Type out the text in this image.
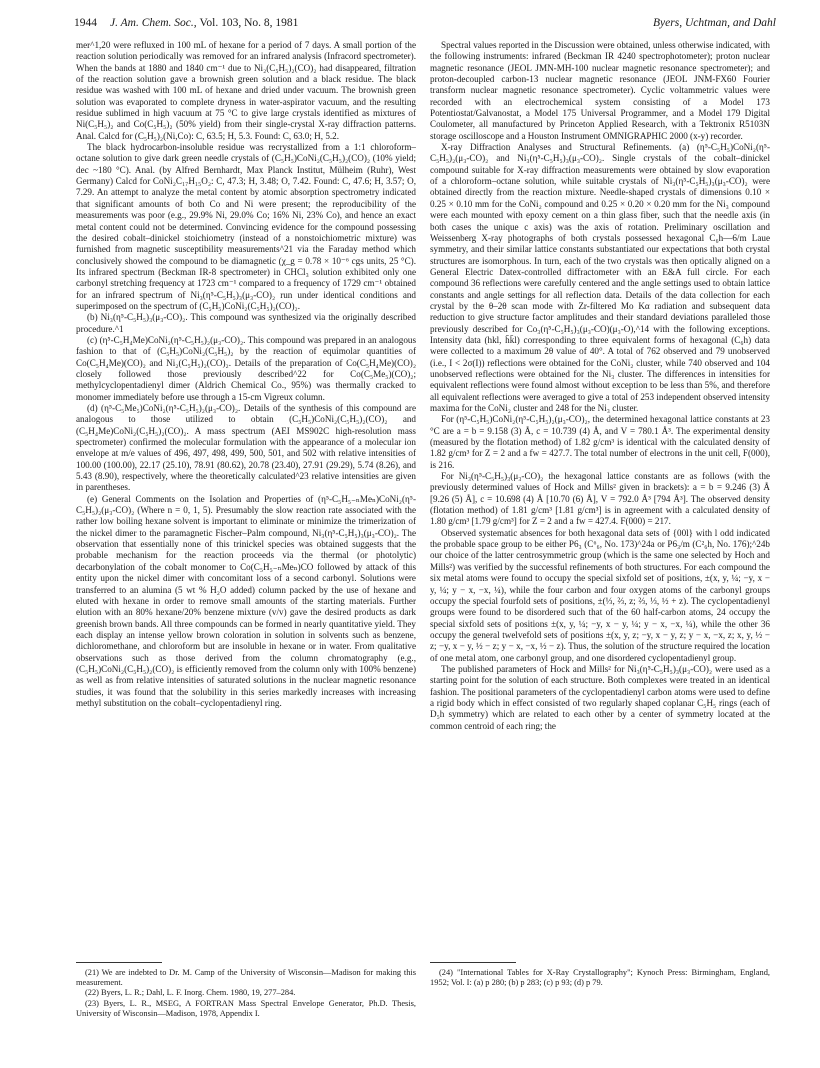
1944 J. Am. Chem. Soc., Vol. 103, No. 8, 1981	Byers, Uchtman, and Dahl

mer^1,20 were refluxed in 100 mL of hexane for a period of 7 days. A small portion of the reaction solution periodically was removed for an infrared analysis (Infracord spectrometer). When the bands at 1880 and 1840 cm⁻¹ due to Ni₂(C₅H₅)₂(CO)₂ had disappeared, filtration of the reaction solution gave a brownish green solution and a black residue. The black residue was washed with 100 mL of hexane and dried under vacuum. The brownish green solution was evaporated to complete dryness in water-aspirator vacuum, and the resulting residue sublimed in high vacuum at 75 °C to give large crystals identified as mixtures of Ni(C₅H₅)₂ and Co(C₅H₅)₂ (50% yield) from their single-crystal X-ray diffraction patterns. Anal. Calcd for (C₅H₅)₂(Ni,Co): C, 63.5; H, 5.3. Found: C, 63.0; H, 5.2.

The black hydrocarbon-insoluble residue was recrystallized from a 1:1 chloroform–octane solution to give dark green needle crystals of (C₅H₅)CoNi₂(C₅H₅)₂(CO)₂ (10% yield; dec ~180 °C). Anal. (by Alfred Bernhardt, Max Planck Institut, Mülheim (Ruhr), West Germany) Calcd for CoNi₂C₁₇H₁₅O₂: C, 47.3; H, 3.48; O, 7.42. Found: C, 47.6; H, 3.57; O, 7.29. An attempt to analyze the metal content by atomic absorption spectrometry indicated that significant amounts of both Co and Ni were present; the reproducibility of the measurements was poor (e.g., 29.9% Ni, 29.0% Co; 16% Ni, 23% Co), and hence an exact metal content could not be determined. Convincing evidence for the compound possessing the desired cobalt–dinickel stoichiometry (instead of a nonstoichiometric mixture) was furnished from magnetic susceptibility measurements^21 via the Faraday method which conclusively showed the compound to be diamagnetic (χ_g = 0.78 × 10⁻⁶ cgs units, 25 °C). Its infrared spectrum (Beckman IR-8 spectrometer) in CHCl₃ solution exhibited only one carbonyl stretching frequency at 1723 cm⁻¹ compared to a frequency of 1729 cm⁻¹ obtained for an infrared spectrum of Ni₃(η⁵-C₅H₅)₃(μ₃-CO)₂ run under identical conditions and superimposed on the spectrum of (C₅H₅)CoNi₂(C₅H₅)₂(CO)₂.

(b) Ni₃(η⁵-C₅H₅)₃(μ₃-CO)₂. This compound was synthesized via the originally described procedure.^1

(c) (η⁵-C₅H₄Me)CoNi₂(η⁵-C₅H₅)₂(μ₃-CO)₂. This compound was prepared in an analogous fashion to that of (C₅H₅)CoNi₂(C₅H₅)₂ by the reaction of equimolar quantities of Co(C₅H₄Me)(CO)₂ and Ni₂(C₅H₅)₂(CO)₂. Details of the preparation of Co(C₅H₄Me)(CO)₂ closely followed those previously described^22 for Co(C₅Me₅)(CO)₂; methylcyclopentadienyl dimer (Aldrich Chemical Co., 95%) was thermally cracked to monomer immediately before use through a 15-cm Vigreux column.

(d) (η⁵-C₅Me₅)CoNi₂(η⁵-C₅H₅)₂(μ₃-CO)₂. Details of the synthesis of this compound are analogous to those utilized to obtain (C₅H₅)CoNi₂(C₅H₅)₂(CO)₂ and (C₅H₄Me)CoNi₂(C₅H₅)₂(CO)₂. A mass spectrum (AEI MS902C high-resolution mass spectrometer) confirmed the molecular formulation with the appearance of a molecular ion envelope at m/e values of 496, 497, 498, 499, 500, 501, and 502 with relative intensities of 100.00 (100.00), 22.17 (25.10), 78.91 (80.62), 20.78 (23.40), 27.91 (29.29), 5.74 (8.26), and 5.43 (8.90), respectively, where the theoretically calculated^23 relative intensities are given in parentheses.

(e) General Comments on the Isolation and Properties of (η⁵-C₅H₅₋ₙMeₙ)CoNi₂(η⁵-C₅H₅)₂(μ₃-CO)₂ (Where n = 0, 1, 5). Presumably the slow reaction rate associated with the rather low boiling hexane solvent is important to eliminate or minimize the trimerization of the nickel dimer to the paramagnetic Fischer–Palm compound, Ni₃(η⁵-C₅H₅)₃(μ₃-CO)₂. The observation that essentially none of this trinickel species was obtained suggests that the probable mechanism for the reaction proceeds via the thermal (or photolytic) decarbonylation of the cobalt monomer to Co(C₅H₅₋ₙMeₙ)CO followed by attack of this entity upon the nickel dimer with concomitant loss of a second carbonyl. Solutions were transferred to an alumina (5 wt % H₂O added) column packed by the use of hexane and eluted with hexane in order to remove small amounts of the starting materials. Further elution with an 80% hexane/20% benzene mixture (v/v) gave the desired products as dark greenish brown bands. All three compounds can be formed in nearly quantitative yield. They each display an intense yellow brown coloration in solution in solvents such as benzene, dichloromethane, and chloroform but are insoluble in hexane or in water. From qualitative observations such as those derived from the column chromatography (e.g., (C₅H₅)CoNi₂(C₅H₅)₂(CO)₂ is efficiently removed from the column only with 100% benzene) as well as from relative intensities of saturated solutions in the nuclear magnetic resonance studies, it was found that the solubility in this series markedly increases with increasing methyl substitution on the cobalt–cyclopentadienyl ring.

Spectral values reported in the Discussion were obtained, unless otherwise indicated, with the following instruments: infrared (Beckman IR 4240 spectrophotometer); proton nuclear magnetic resonance (JEOL JMN-MH-100 nuclear magnetic resonance spectrometer); and proton-decoupled carbon-13 nuclear magnetic resonance (JEOL JNM-FX60 Fourier transform nuclear magnetic resonance spectrometer). Cyclic voltammetric values were recorded with an electrochemical system consisting of a Model 173 Potentiostat/Galvanostat, a Model 175 Universal Programmer, and a Model 179 Digital Coulometer, all manufactured by Princeton Applied Research, with a Tektronix R5103N storage oscilloscope and a Houston Instrument OMNIGRAPHIC 2000 (x-y) recorder.

X-ray Diffraction Analyses and Structural Refinements. (a) (η⁵-C₅H₅)CoNi₂(η⁵-C₅H₅)₂(μ₃-CO)₂ and Ni₃(η⁵-C₅H₅)₃(μ₃-CO)₂. Single crystals of the cobalt–dinickel compound suitable for X-ray diffraction measurements were obtained by slow evaporation of a chloroform–octane solution, while suitable crystals of Ni₃(η⁵-C₅H₅)₃(μ₃-CO)₂ were obtained directly from the reaction mixture. Needle-shaped crystals of dimensions 0.10 × 0.25 × 0.10 mm for the CoNi₂ compound and 0.25 × 0.20 × 0.20 mm for the Ni₃ compound were each mounted with epoxy cement on a thin glass fiber, such that the needle axis (in both cases the unique c axis) was the axis of rotation. Preliminary oscillation and Weissenberg X-ray photographs of both crystals possessed hexagonal C₆h—6/m Laue symmetry, and their similar lattice constants substantiated our expectations that both crystal structures are isomorphous. In turn, each of the two crystals was then optically aligned on a General Electric Datex-controlled diffractometer with an E&A full circle. For each compound 36 reflections were carefully centered and the angle settings used to obtain lattice constants and angle settings for all reflection data. Details of the data collection for each crystal by the θ–2θ scan mode with Zr-filtered Mo Kα radiation and subsequent data reduction to give structure factor amplitudes and their standard deviations paralleled those previously described for Co₃(η⁵-C₅H₅)₃(μ₃-CO)(μ₃-O),^14 with the following exceptions. Intensity data (hkl, h̄k̄l) corresponding to three equivalent forms of hexagonal (C₆h) data were collected to a maximum 2θ value of 40°. A total of 762 observed and 79 unobserved (i.e., I < 2σ(I)) reflections were obtained for the CoNi₂ cluster, while 740 observed and 104 unobserved reflections were obtained for the Ni₃ cluster. The differences in intensities for equivalent reflections were found almost without exception to be less than 5%, and therefore all equivalent reflections were averaged to give a total of 253 independent observed intensity maxima for the CoNi₂ cluster and 248 for the Ni₃ cluster.

For (η⁵-C₅H₅)CoNi₂(η⁵-C₅H₅)₂(μ₃-CO)₂, the determined hexagonal lattice constants at 23 °C are a = b = 9.158 (3) Å, c = 10.739 (4) Å, and V = 780.1 Å³. The experimental density (measured by the flotation method) of 1.82 g/cm³ is identical with the calculated density of 1.82 g/cm³ for Z = 2 and a fw = 427.7. The total number of electrons in the unit cell, F(000), is 216.

For Ni₃(η⁵-C₅H₅)₃(μ₃-CO)₂ the hexagonal lattice constants are as follows (with the previously determined values of Hock and Mills² given in brackets): a = b = 9.246 (3) Å [9.26 (5) Å], c = 10.698 (4) Å [10.70 (6) Å], V = 792.0 Å³ [794 Å³]. The observed density (flotation method) of 1.81 g/cm³ [1.81 g/cm³] is in agreement with a calculated density of 1.80 g/cm³ [1.79 g/cm³] for Z = 2 and a fw = 427.4. F(000) = 217.

Observed systematic absences for both hexagonal data sets of {00l} with l odd indicated the probable space group to be either P6₃ (C⁶₆, No. 173)^24a or P6₃/m (C²₆h, No. 176);^24b our choice of the latter centrosymmetric group (which is the same one selected by Hoch and Mills²) was verified by the successful refinements of both structures. For each compound the six metal atoms were found to occupy the special sixfold set of positions, ±(x, y, ¼; −y, x − y, ¼; y − x, −x, ¼), while the four carbon and four oxygen atoms of the carbonyl groups occupy the special fourfold sets of positions, ±(⅓, ⅔, z; ⅔, ⅓, ½ + z). The cyclopentadienyl groups were found to be disordered such that of the 60 half-carbon atoms, 24 occupy the special sixfold sets of positions ±(x, y, ¼; −y, x − y, ¼; y − x, −x, ¼), while the other 36 occupy the general twelvefold sets of positions ±(x, y, z; −y, x − y, z; y − x, −x, z; x, y, ½ − z; −y, x − y, ½ − z; y − x, −x, ½ − z). Thus, the solution of the structure required the location of one metal atom, one carbonyl group, and one disordered cyclopentadienyl group.

The published parameters of Hock and Mills² for Ni₃(η⁵-C₅H₅)₃(μ₃-CO)₂ were used as a starting point for the solution of each structure. Both complexes were treated in an identical fashion. The positional parameters of the cyclopentadienyl carbon atoms were used to define a rigid body which in effect consisted of two regularly shaped coplanar C₅H₅ rings (each of D₅h symmetry) which are related to each other by a center of symmetry located at the common centroid of each ring; the

(21) We are indebted to Dr. M. Camp of the University of Wisconsin—Madison for making this measurement.

(22) Byers, L. R.; Dahl, L. F. Inorg. Chem. 1980, 19, 277–284.

(23) Byers, L. R., MSEG, A FORTRAN Mass Spectral Envelope Generator, Ph.D. Thesis, University of Wisconsin—Madison, 1978, Appendix I.

(24) "International Tables for X-Ray Crystallography"; Kynoch Press: Birmingham, England, 1952; Vol. I: (a) p 280; (b) p 283; (c) p 93; (d) p 79.
